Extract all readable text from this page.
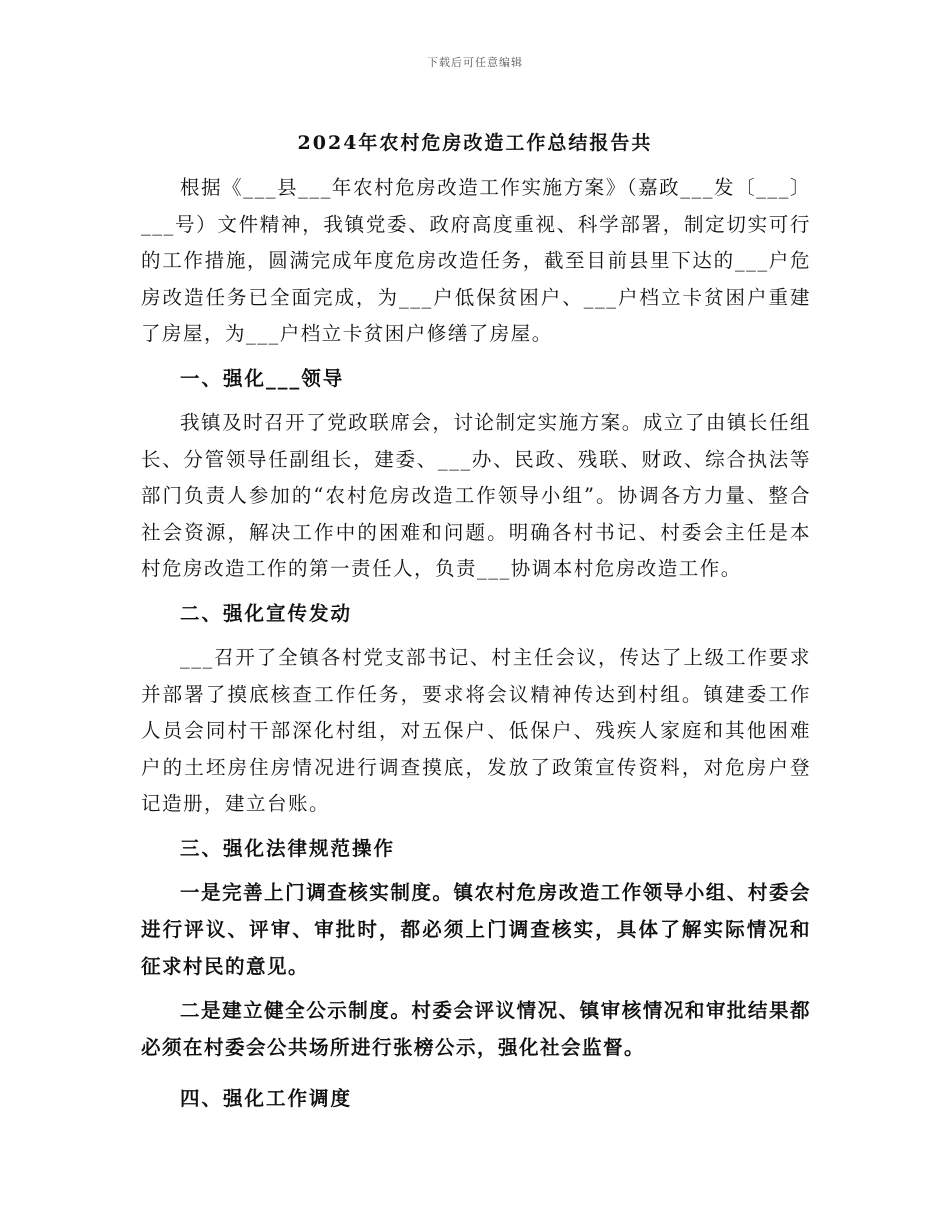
下载后可任意编辑
2024年农村危房改造工作总结报告共

根据《___县___年农村危房改造工作实施方案》（嘉政___发〔___〕___号）文件精神，我镇党委、政府高度重视、科学部署，制定切实可行的工作措施，圆满完成年度危房改造任务，截至目前县里下达的___户危房改造任务已全面完成，为___户低保贫困户、___户档立卡贫困户重建了房屋，为___户档立卡贫困户修缮了房屋。

一、强化___领导

我镇及时召开了党政联席会，讨论制定实施方案。成立了由镇长任组长、分管领导任副组长，建委、___办、民政、残联、财政、综合执法等部门负责人参加的“农村危房改造工作领导小组”。协调各方力量、整合社会资源，解决工作中的困难和问题。明确各村书记、村委会主任是本村危房改造工作的第一责任人，负责___协调本村危房改造工作。

二、强化宣传发动

___召开了全镇各村党支部书记、村主任会议，传达了上级工作要求并部署了摸底核查工作任务，要求将会议精神传达到村组。镇建委工作人员会同村干部深化村组，对五保户、低保户、残疾人家庭和其他困难户的土坯房住房情况进行调查摸底，发放了政策宣传资料，对危房户登记造册，建立台账。

三、强化法律规范操作

一是完善上门调查核实制度。镇农村危房改造工作领导小组、村委会进行评议、评审、审批时，都必须上门调查核实，具体了解实际情况和征求村民的意见。

二是建立健全公示制度。村委会评议情况、镇审核情况和审批结果都必须在村委会公共场所进行张榜公示，强化社会监督。

四、强化工作调度
